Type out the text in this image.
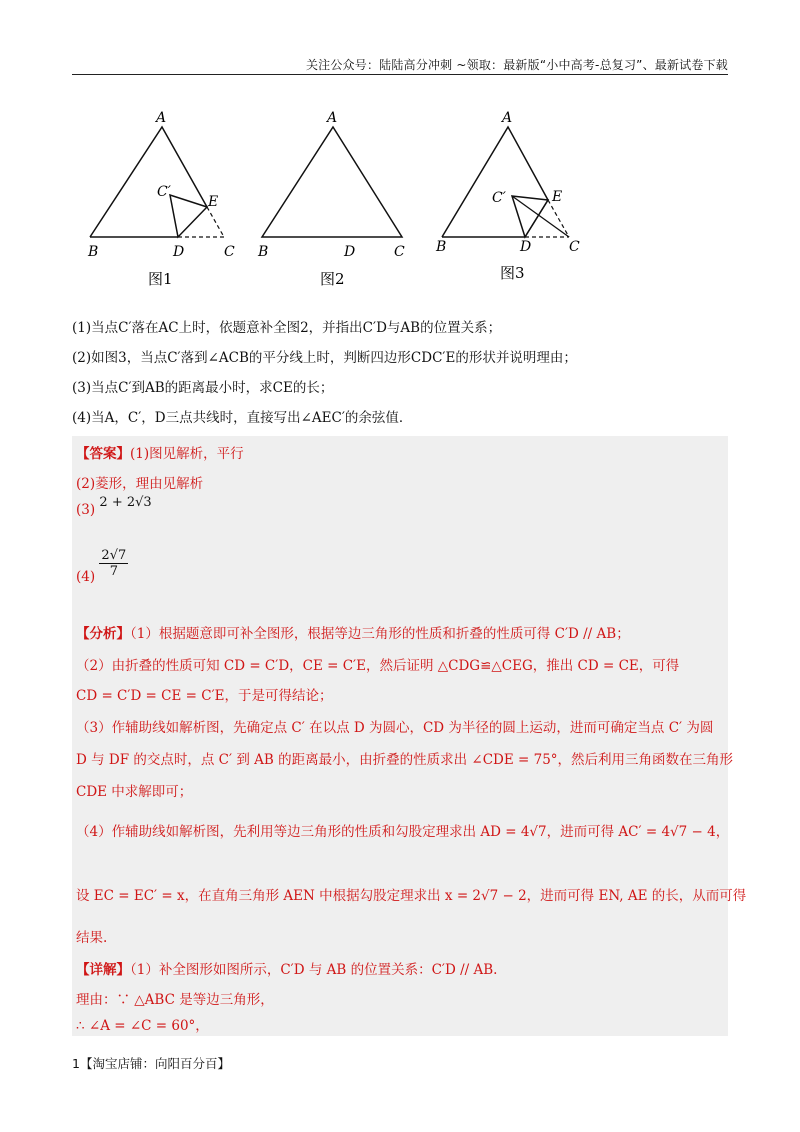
关注公众号：陆陆高分冲刺 ~领取：最新版“小中高考-总复习”、最新试卷下载
A
B	D	C
E
C′
图1
A
B	D	C
图2
A
B	D	C
E
C′
图3

(1)当点C′落在AC上时，依题意补全图2，并指出C′D与AB的位置关系；

(2)如图3，当点C′落到∠ACB的平分线上时，判断四边形CDC′E的形状并说明理由；

(3)当点C′到AB的距离最小时，求CE的长；

(4)当A，C′，D三点共线时，直接写出∠AEC′的余弦值．

【答案】(1)图见解析，平行
(2)菱形，理由见解析
(3) 2 + 2√3
$(4) \frac{2√7}{7}$
【分析】（1）根据题意即可补全图形，根据等边三角形的性质和折叠的性质可得 C′D // AB；
（2）由折叠的性质可知 CD = C′D，CE = C′E，然后证明 △CDG≌△CEG，推出 CD = CE，可得
CD = C′D = CE = C′E，于是可得结论；
（3）作辅助线如解析图，先确定点 C′ 在以点 D 为圆心，CD 为半径的圆上运动，进而可确定当点 C′ 为圆
D 与 DF 的交点时，点 C′ 到 AB 的距离最小，由折叠的性质求出 ∠CDE = 75°，然后利用三角函数在三角形
CDE 中求解即可；
（4）作辅助线如解析图，先利用等边三角形的性质和勾股定理求出 AD = 4√7，进而可得 AC′ = 4√7 − 4，
设 EC = EC′ = x，在直角三角形 AEN 中根据勾股定理求出 x = 2√7 − 2，进而可得 EN, AE 的长，从而可得
结果.
【详解】（1）补全图形如图所示，C′D 与 AB 的位置关系：C′D // AB.
理由：∵ △ABC 是等边三角形，
∴ ∠A = ∠C = 60°，
1【淘宝店铺：向阳百分百】
